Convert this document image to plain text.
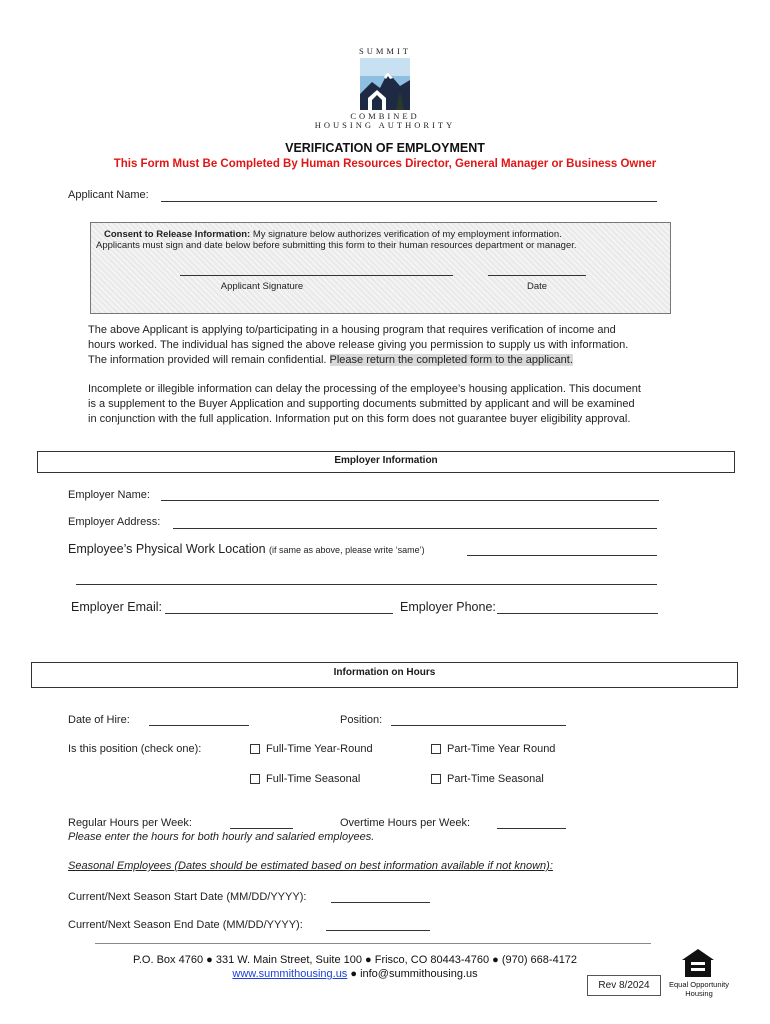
SUMMIT
COMBINED
HOUSING AUTHORITY
VERIFICATION OF EMPLOYMENT
This Form Must Be Completed By Human Resources Director, General Manager or Business Owner
Applicant Name:
Consent to Release Information: My signature below authorizes verification of my employment information.
Applicants must sign and date below before submitting this form to their human resources department or manager.
Applicant Signature	Date
The above Applicant is applying to/participating in a housing program that requires verification of income and
hours worked. The individual has signed the above release giving you permission to supply us with information.
The information provided will remain confidential. Please return the completed form to the applicant.
Incomplete or illegible information can delay the processing of the employee’s housing application. This document
is a supplement to the Buyer Application and supporting documents submitted by applicant and will be examined
in conjunction with the full application. Information put on this form does not guarantee buyer eligibility approval.
Employer Information
Employer Name:
Employer Address:
Employee’s Physical Work Location (if same as above, please write ‘same’)
Employer Email:	Employer Phone:
Information on Hours
Date of Hire:	Position:
Is this position (check one):	Full-Time Year-Round	Part-Time Year Round
Full-Time Seasonal	Part-Time Seasonal
Regular Hours per Week:	Overtime Hours per Week:
Please enter the hours for both hourly and salaried employees.
Seasonal Employees (Dates should be estimated based on best information available if not known):
Current/Next Season Start Date (MM/DD/YYYY):
Current/Next Season End Date (MM/DD/YYYY):
P.O. Box 4760 ● 331 W. Main Street, Suite 100 ● Frisco, CO 80443-4760 ● (970) 668-4172
www.summithousing.us ● info@summithousing.us
Rev 8/2024	Equal Opportunity
Housing
